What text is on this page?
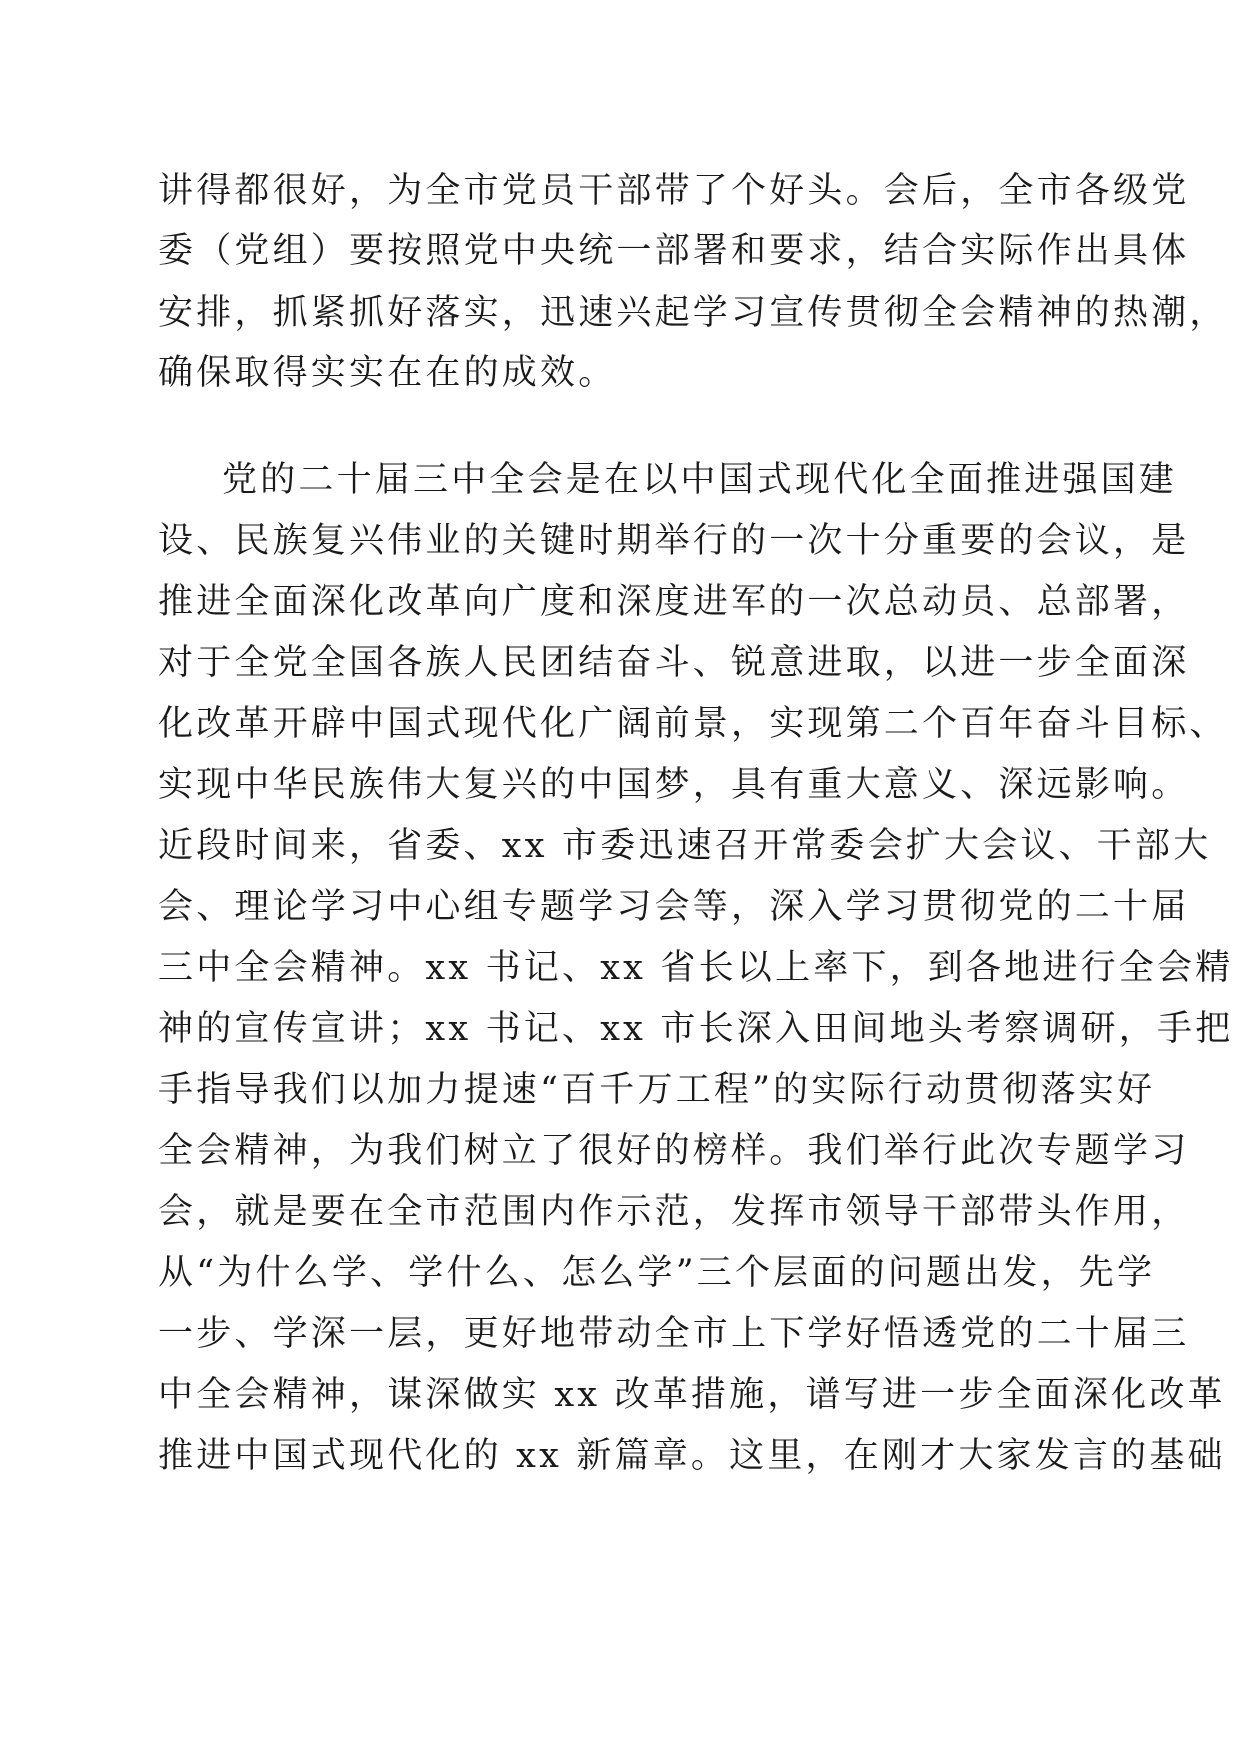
讲得都很好，为全市党员干部带了个好头。会后，全市各级党
委（党组）要按照党中央统一部署和要求，结合实际作出具体
安排，抓紧抓好落实，迅速兴起学习宣传贯彻全会精神的热潮，
确保取得实实在在的成效。
党的二十届三中全会是在以中国式现代化全面推进强国建
设、民族复兴伟业的关键时期举行的一次十分重要的会议，是
推进全面深化改革向广度和深度进军的一次总动员、总部署，
对于全党全国各族人民团结奋斗、锐意进取，以进一步全面深
化改革开辟中国式现代化广阔前景，实现第二个百年奋斗目标、
实现中华民族伟大复兴的中国梦，具有重大意义、深远影响。
近段时间来，省委、xx 市委迅速召开常委会扩大会议、干部大
会、理论学习中心组专题学习会等，深入学习贯彻党的二十届
三中全会精神。xx 书记、xx 省长以上率下，到各地进行全会精
神的宣传宣讲；xx 书记、xx 市长深入田间地头考察调研，手把
手指导我们以加力提速“百千万工程”的实际行动贯彻落实好
全会精神，为我们树立了很好的榜样。我们举行此次专题学习
会，就是要在全市范围内作示范，发挥市领导干部带头作用，
从“为什么学、学什么、怎么学”三个层面的问题出发，先学
一步、学深一层，更好地带动全市上下学好悟透党的二十届三
中全会精神，谋深做实 xx 改革措施，谱写进一步全面深化改革
推进中国式现代化的 xx 新篇章。这里，在刚才大家发言的基础
